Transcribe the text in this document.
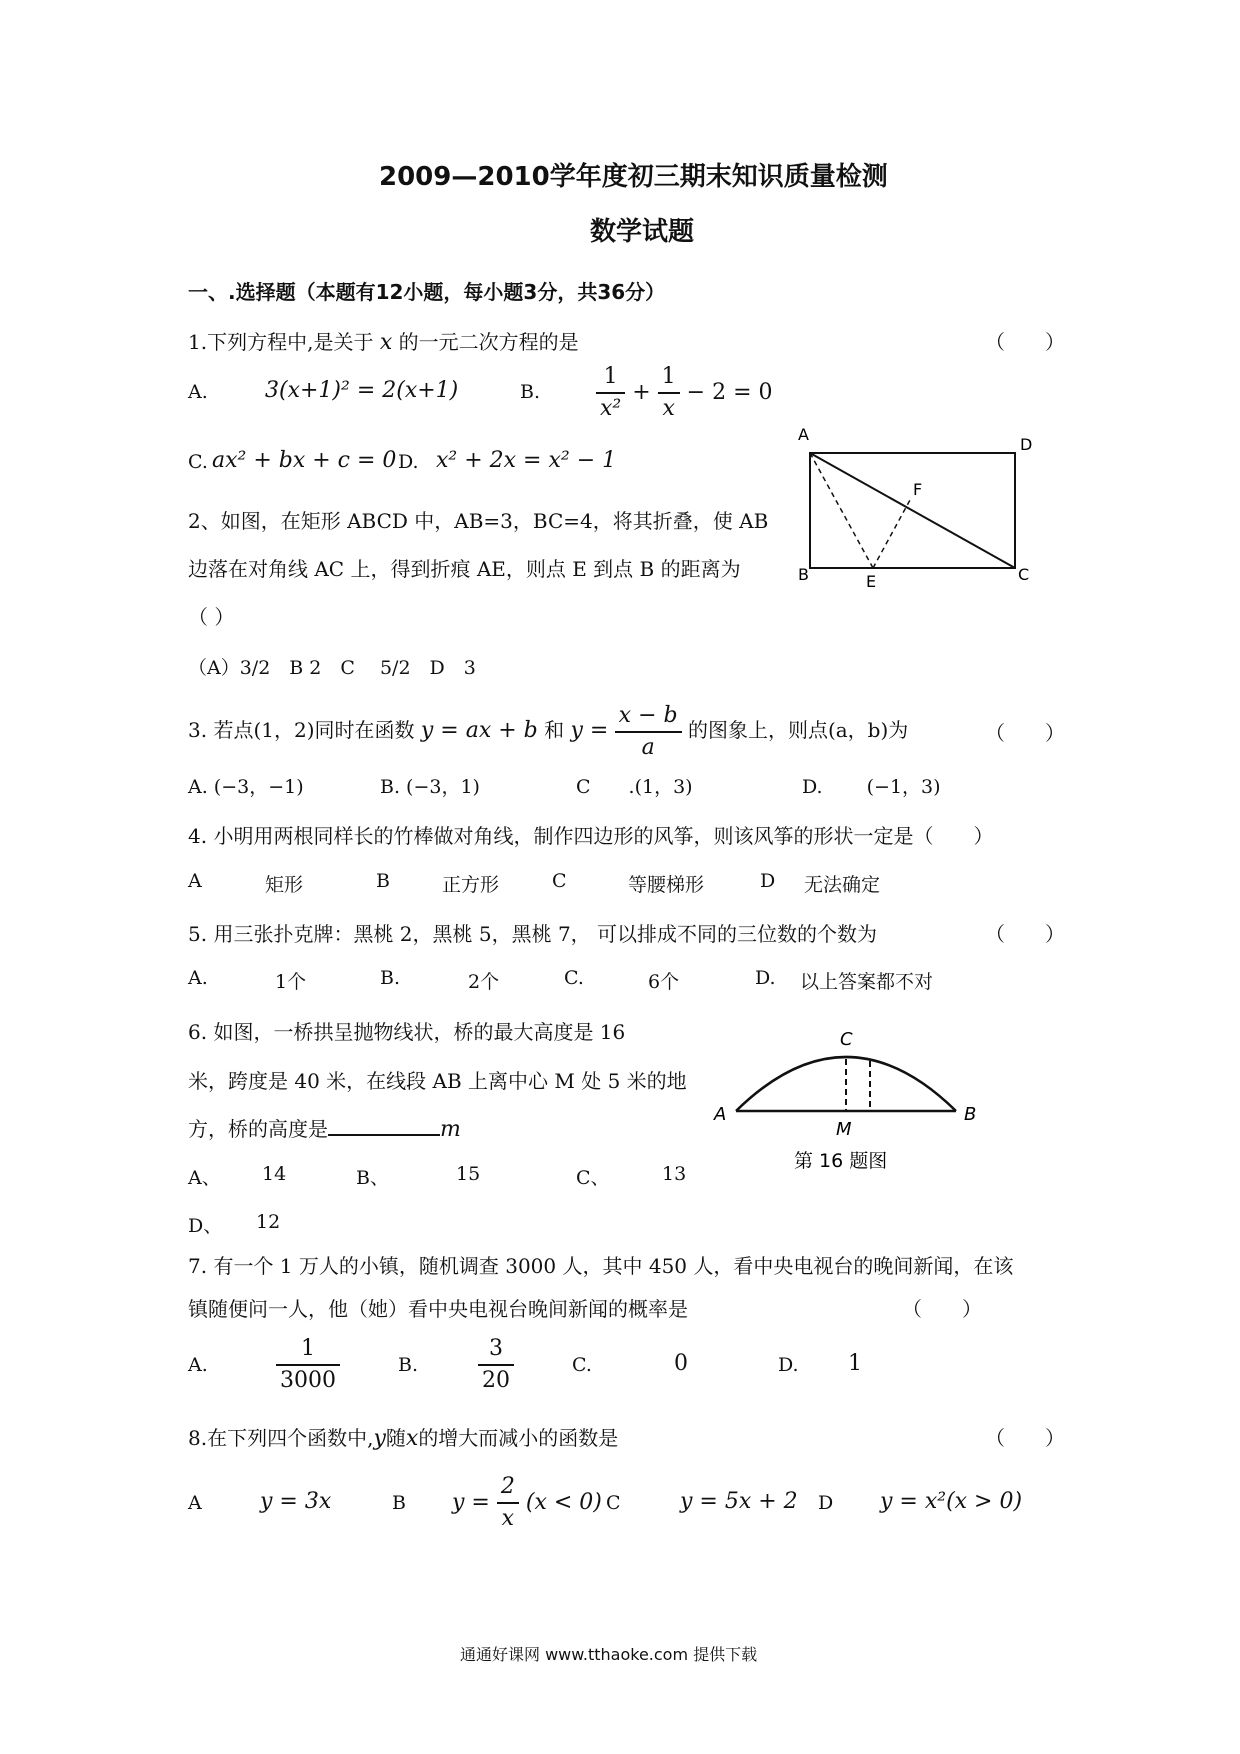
2009—2010学年度初三期末知识质量检测
数学试题
一、.选择题（本题有12小题，每小题3分，共36分）
1.下列方程中,是关于 x 的一元二次方程的是	（　　）
A.	3(x+1)² = 2(x+1)	B.	$\frac{1}{\text{x²}} + \frac{1}{x} - 2 = 0$
C. ax² + bx + c = 0 D. x² + 2x = x² − 1
2、如图，在矩形 ABCD 中，AB=3，BC=4，将其折叠，使 AB
边落在对角线 AC 上，得到折痕 AE，则点 E 到点 B 的距离为
（ ）
（A）3/2　B 2　C　 5/2　D　3
A
D
F
B	E	C
3. 若点(1，2)同时在函数 y = ax + b 和 $y = \frac{x - b}{a}$ 的图象上，则点(a，b)为	（　　）
A. (−3，−1)	B. (−3，1)	C　　.(1，3)	D.　　 (−1，3)
4. 小明用两根同样长的竹棒做对角线，制作四边形的风筝，则该风筝的形状一定是（　　）
A	矩形	B	正方形	C	等腰梯形	D 无法确定
5. 用三张扑克牌：黑桃 2，黑桃 5，黑桃 7， 可以排成不同的三位数的个数为	（　　）
A.	1个	B.	2个	C.	6个	D. 以上答案都不对
6. 如图，一桥拱呈抛物线状，桥的最大高度是 16
米，跨度是 40 米，在线段 AB 上离中心 M 处 5 米的地
方，桥的高度是	m
A、 14	B、	15	C、	13
D、 12
C
A	B
M
第 16 题图
7. 有一个 1 万人的小镇，随机调查 3000 人，其中 450 人，看中央电视台的晚间新闻，在该
镇随便问一人，他（她）看中央电视台晚间新闻的概率是	（　　）
A.	$\frac{1}{3000}$	B.	$\frac{3}{20}$	C.	0	D. 1
8.在下列四个函数中,y随x的增大而减小的函数是	（　　）
A	y = 3x	B $y = \frac{2}{x} (x < 0)$ C	y = 5x + 2 D y = x²(x > 0)
通通好课网 www.tthaoke.com 提供下载
